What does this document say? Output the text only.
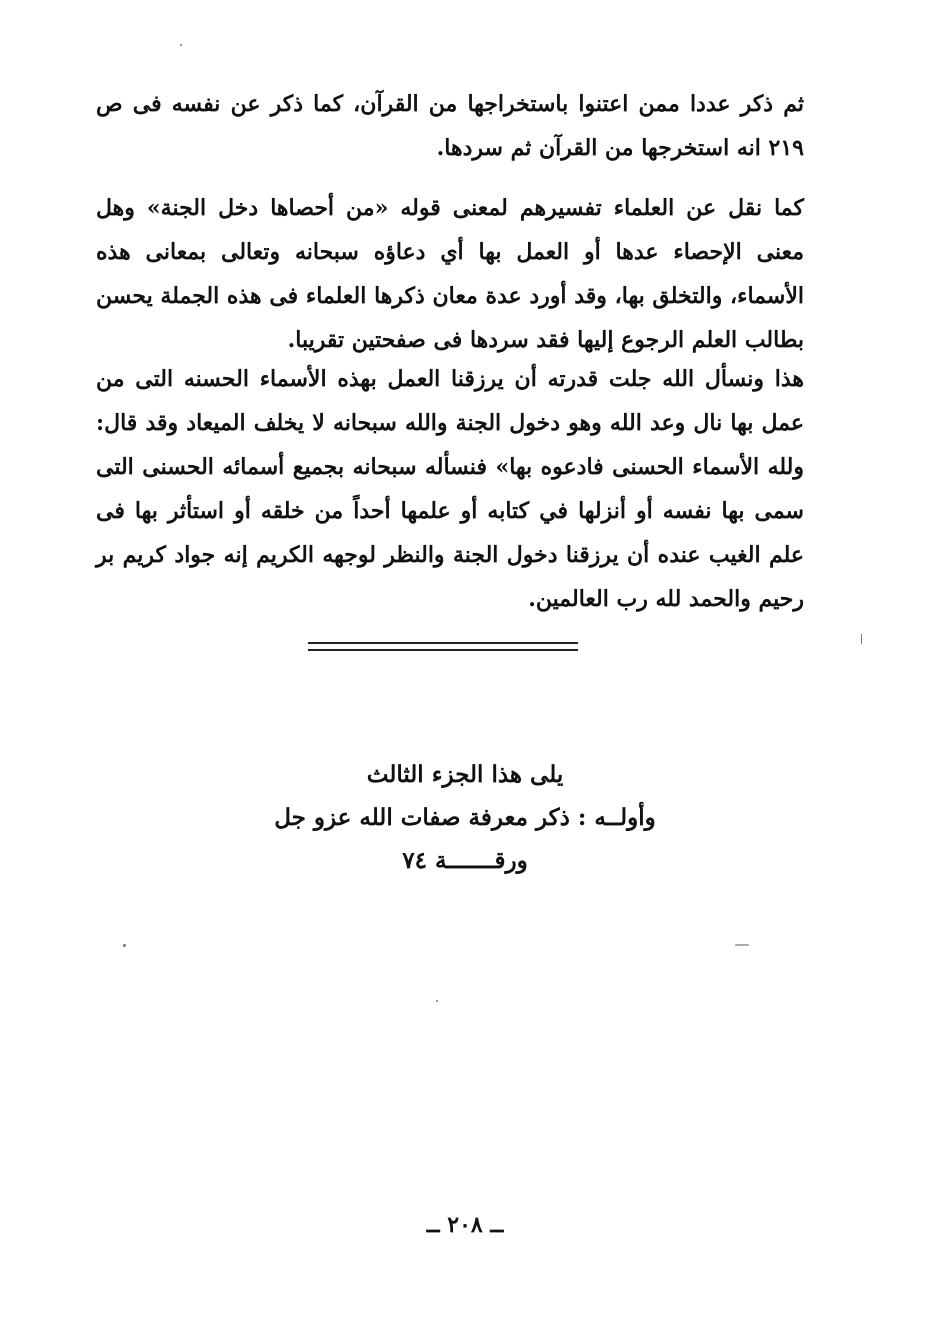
ثم ذكر عددا ممن اعتنوا باستخراجها من القرآن، كما ذكر عن نفسه فى ص ٢١٩ انه استخرجها من القرآن ثم سردها.
كما نقل عن العلماء تفسيرهم لمعنى قوله «من أحصاها دخل الجنة» وهل معنى الإحصاء عدها أو العمل بها أي دعاؤه سبحانه وتعالى بمعانى هذه الأسماء، والتخلق بها، وقد أورد عدة معان ذكرها العلماء فى هذه الجملة يحسن بطالب العلم الرجوع إليها فقد سردها فى صفحتين تقريبا.
هذا ونسأل الله جلت قدرته أن يرزقنا العمل بهذه الأسماء الحسنه التى من عمل بها نال وعد الله وهو دخول الجنة والله سبحانه لا يخلف الميعاد وقد قال: ولله الأسماء الحسنى فادعوه بها» فنسأله سبحانه بجميع أسمائه الحسنى التى سمى بها نفسه أو أنزلها في كتابه أو علمها أحداً من خلقه أو استأثر بها فى علم الغيب عنده أن يرزقنا دخول الجنة والنظر لوجهه الكريم إنه جواد كريم بر رحيم والحمد لله رب العالمين.
يلى هذا الجزء الثالث
وأولــه : ذكر معرفة صفات الله عزو جل
ورقـــــــة ٧٤
ــ ٢٠٨ ــ
